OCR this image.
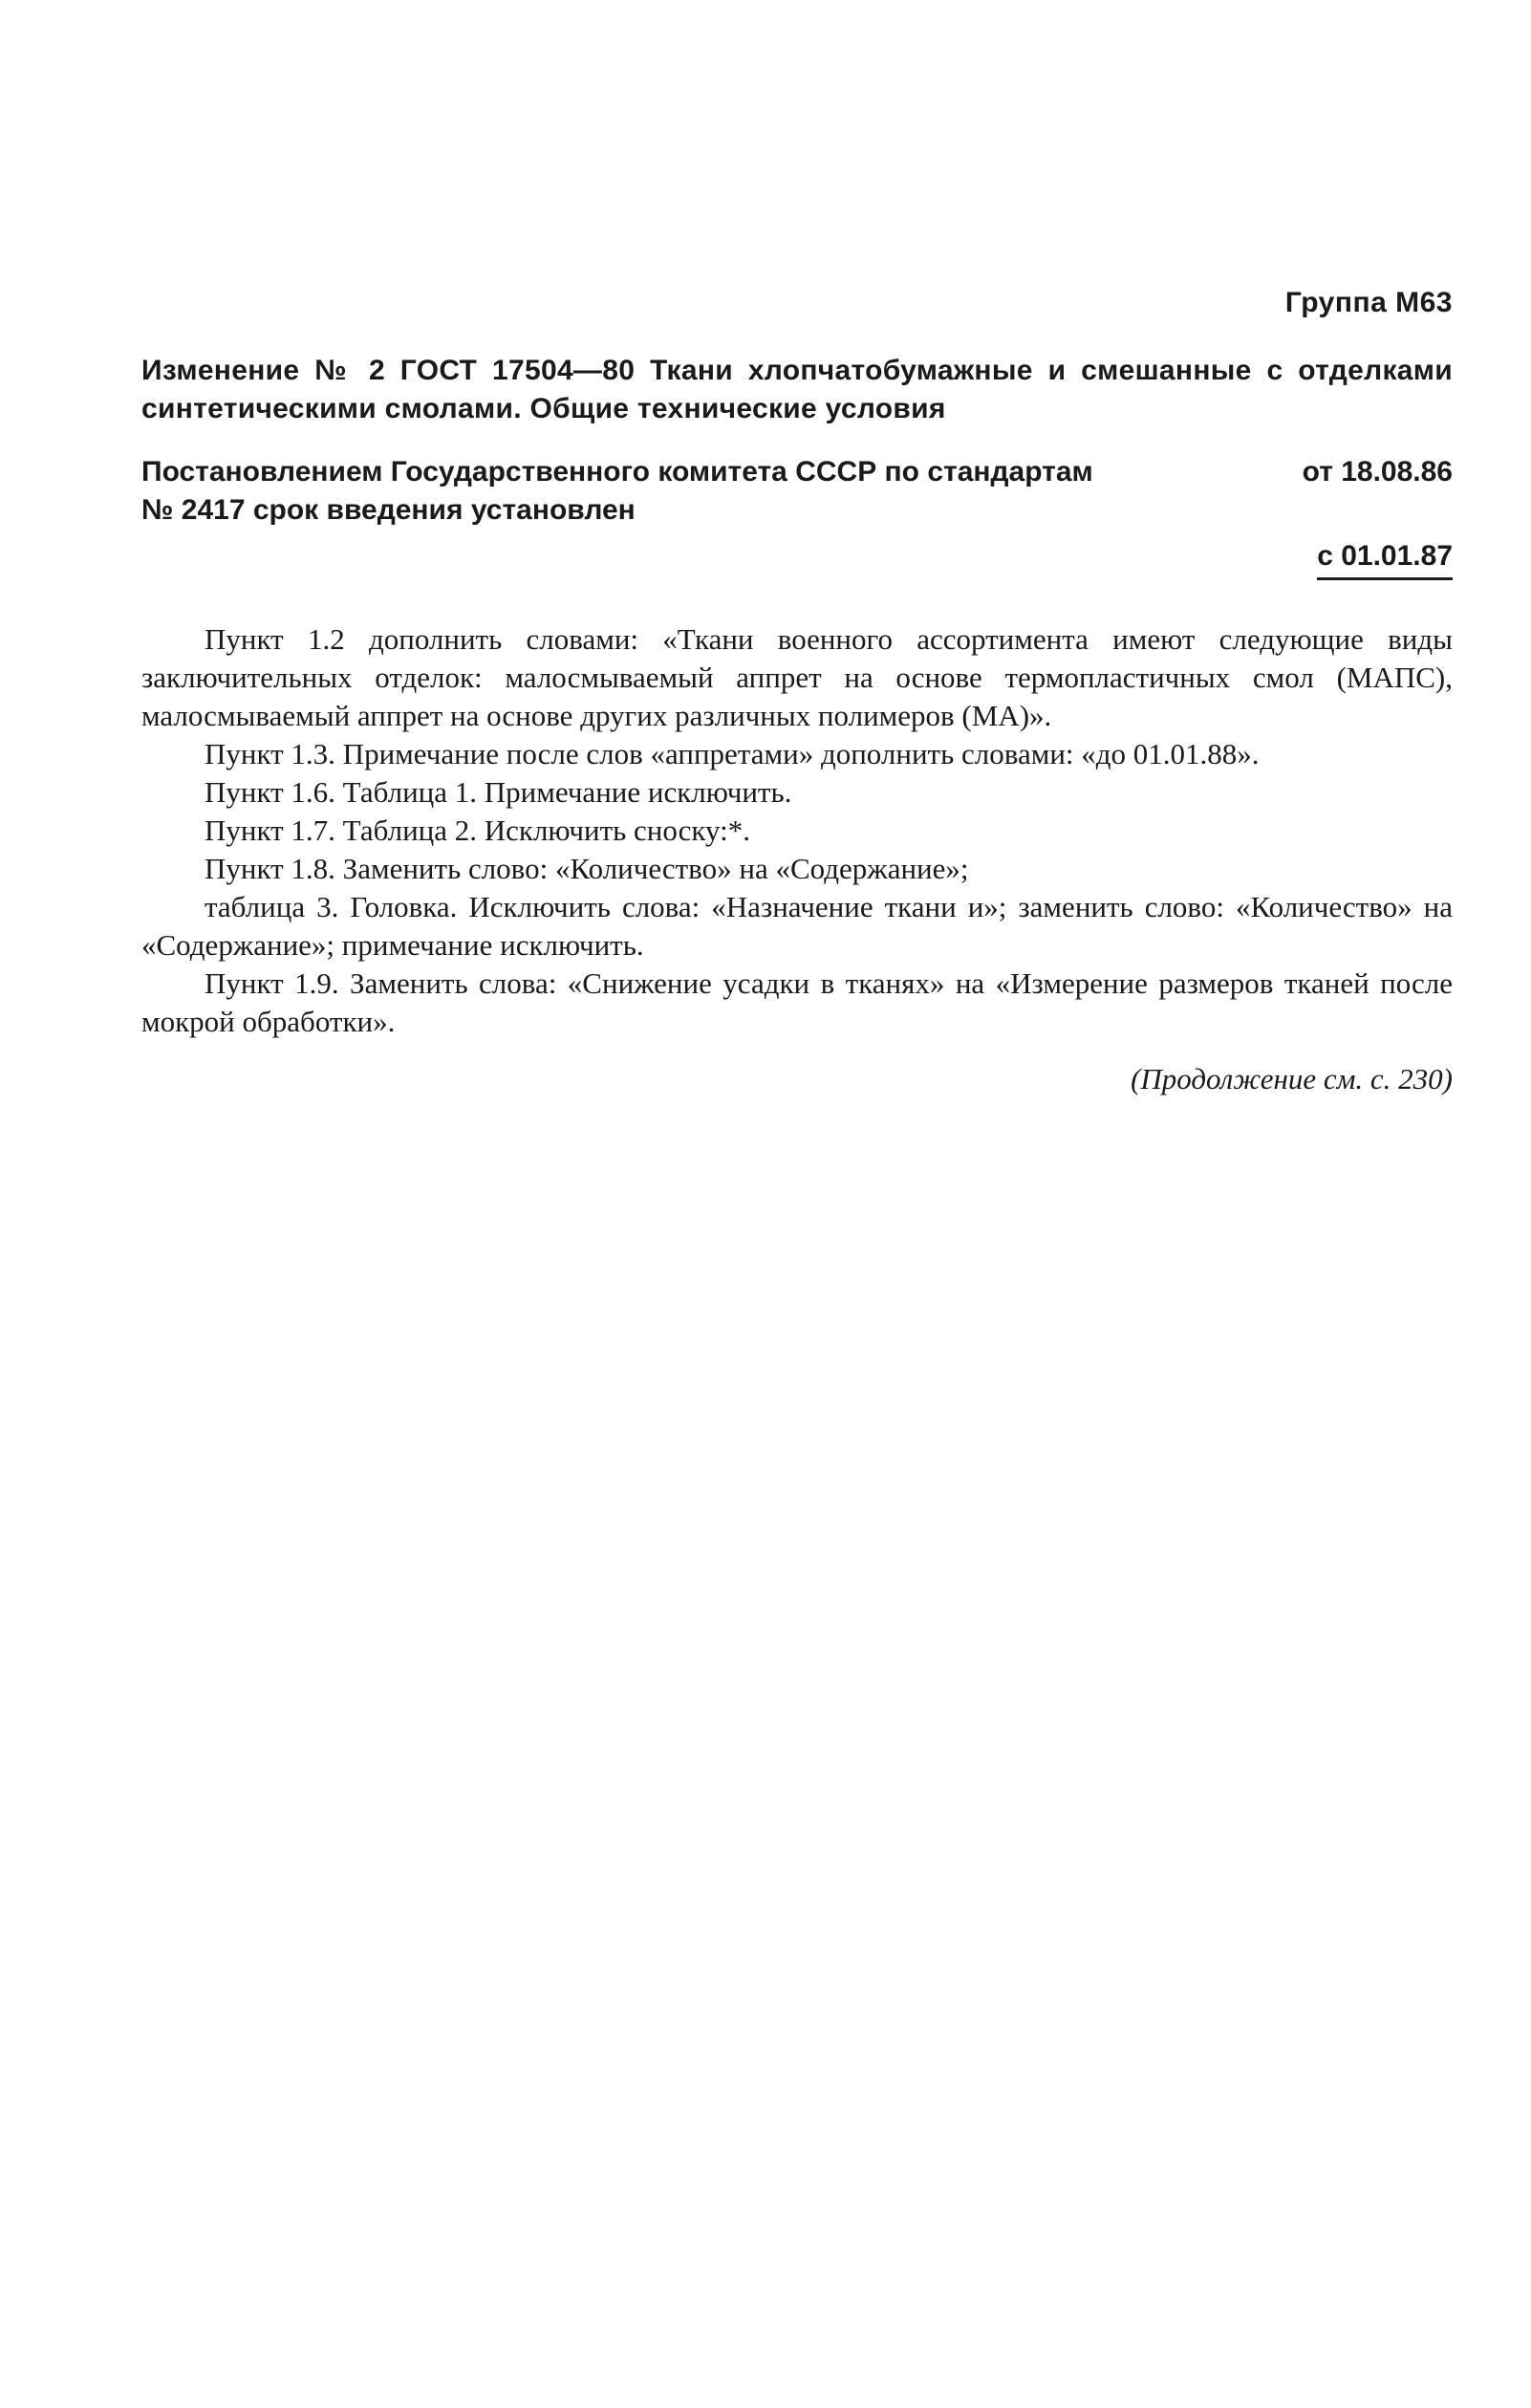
Группа М63
Изменение № 2 ГОСТ 17504—80 Ткани хлопчатобумажные и смешанные с отделками синтетическими смолами. Общие технические условия
Постановлением Государственного комитета СССР по стандартам	от 18.08.86
№ 2417 срок введения установлен
с 01.01.87

Пункт 1.2 дополнить словами: «Ткани военного ассортимента имеют следующие виды заключительных отделок: малосмываемый аппрет на основе термопластичных смол (МАПС), малосмываемый аппрет на основе других различных полимеров (МА)».

Пункт 1.3. Примечание после слов «аппретами» дополнить словами: «до 01.01.88».

Пункт 1.6. Таблица 1. Примечание исключить.

Пункт 1.7. Таблица 2. Исключить сноску:*.

Пункт 1.8. Заменить слово: «Количество» на «Содержание»;

таблица 3. Головка. Исключить слова: «Назначение ткани и»; заменить слово: «Количество» на «Содержание»; примечание исключить.

Пункт 1.9. Заменить слова: «Снижение усадки в тканях» на «Измерение размеров тканей после мокрой обработки».

(Продолжение см. с. 230)
